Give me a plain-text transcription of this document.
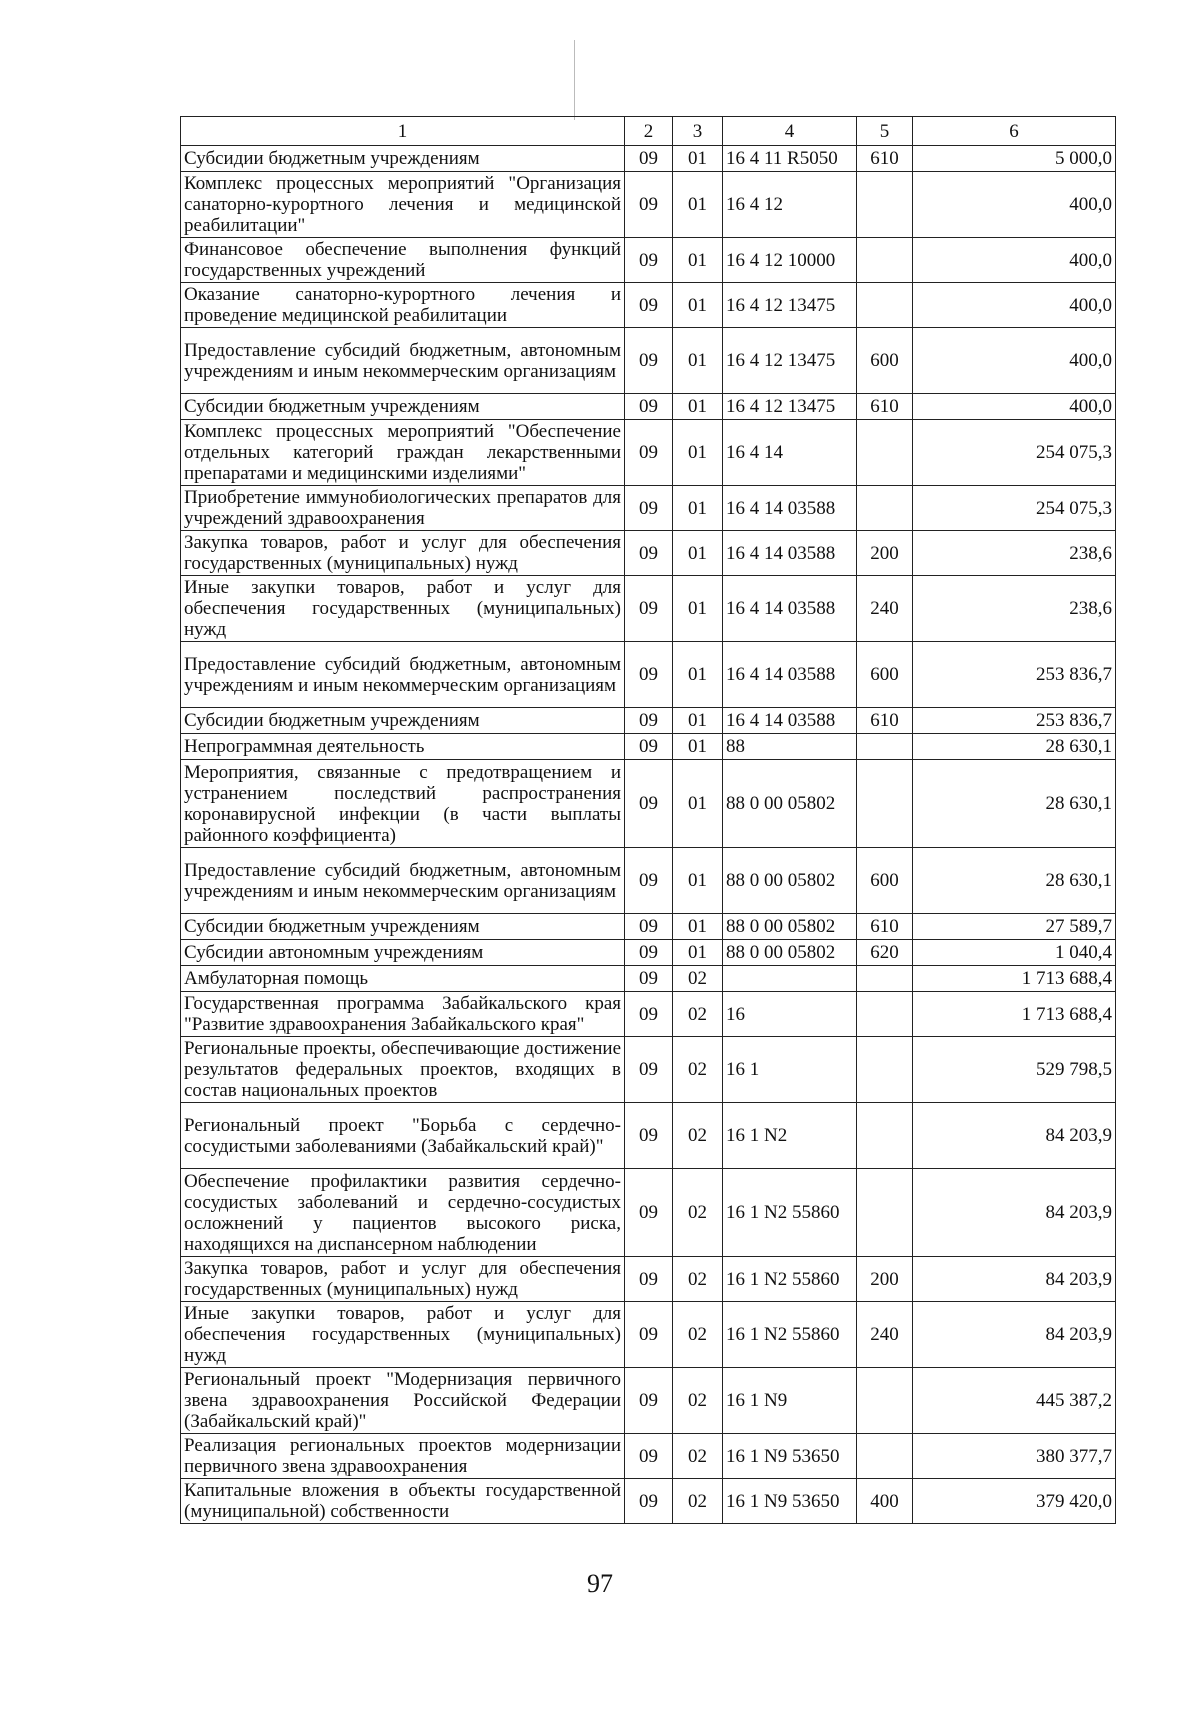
1	2	3	4	5	6
Субсидии бюджетным учреждениям	09	01	16 4 11 R5050	610	5 000,0
Комплекс процессных мероприятий "Организация санаторно-курортного лечения и медицинской реабилитации"	09	01	16 4 12		400,0
Финансовое обеспечение выполнения функций государственных учреждений	09	01	16 4 12 10000		400,0
Оказание санаторно-курортного лечения и проведение медицинской реабилитации	09	01	16 4 12 13475		400,0
Предоставление субсидий бюджетным, автономным учреждениям и иным некоммерческим организациям	09	01	16 4 12 13475	600	400,0
Субсидии бюджетным учреждениям	09	01	16 4 12 13475	610	400,0
Комплекс процессных мероприятий "Обеспечение отдельных категорий граждан лекарственными препаратами и медицинскими изделиями"	09	01	16 4 14		254 075,3
Приобретение иммунобиологических препаратов для учреждений здравоохранения	09	01	16 4 14 03588		254 075,3
Закупка товаров, работ и услуг для обеспечения государственных (муниципальных) нужд	09	01	16 4 14 03588	200	238,6
Иные закупки товаров, работ и услуг для обеспечения государственных (муниципальных) нужд	09	01	16 4 14 03588	240	238,6
Предоставление субсидий бюджетным, автономным учреждениям и иным некоммерческим организациям	09	01	16 4 14 03588	600	253 836,7
Субсидии бюджетным учреждениям	09	01	16 4 14 03588	610	253 836,7
Непрограммная деятельность	09	01	88		28 630,1
Мероприятия, связанные с предотвращением и устранением последствий распространения коронавирусной инфекции (в части выплаты районного коэффициента)	09	01	88 0 00 05802		28 630,1
Предоставление субсидий бюджетным, автономным учреждениям и иным некоммерческим организациям	09	01	88 0 00 05802	600	28 630,1
Субсидии бюджетным учреждениям	09	01	88 0 00 05802	610	27 589,7
Субсидии автономным учреждениям	09	01	88 0 00 05802	620	1 040,4
Амбулаторная помощь	09	02			1 713 688,4
Государственная программа Забайкальского края "Развитие здравоохранения Забайкальского края"	09	02	16		1 713 688,4
Региональные проекты, обеспечивающие достижение результатов федеральных проектов, входящих в состав национальных проектов	09	02	16 1		529 798,5
Региональный проект "Борьба с сердечно-сосудистыми заболеваниями (Забайкальский край)"	09	02	16 1 N2		84 203,9
Обеспечение профилактики развития сердечно-сосудистых заболеваний и сердечно-сосудистых осложнений у пациентов высокого риска, находящихся на диспансерном наблюдении	09	02	16 1 N2 55860		84 203,9
Закупка товаров, работ и услуг для обеспечения государственных (муниципальных) нужд	09	02	16 1 N2 55860	200	84 203,9
Иные закупки товаров, работ и услуг для обеспечения государственных (муниципальных) нужд	09	02	16 1 N2 55860	240	84 203,9
Региональный проект "Модернизация первичного звена здравоохранения Российской Федерации (Забайкальский край)"	09	02	16 1 N9		445 387,2
Реализация региональных проектов модернизации первичного звена здравоохранения	09	02	16 1 N9 53650		380 377,7
Капитальные вложения в объекты государственной (муниципальной) собственности	09	02	16 1 N9 53650	400	379 420,0
97
